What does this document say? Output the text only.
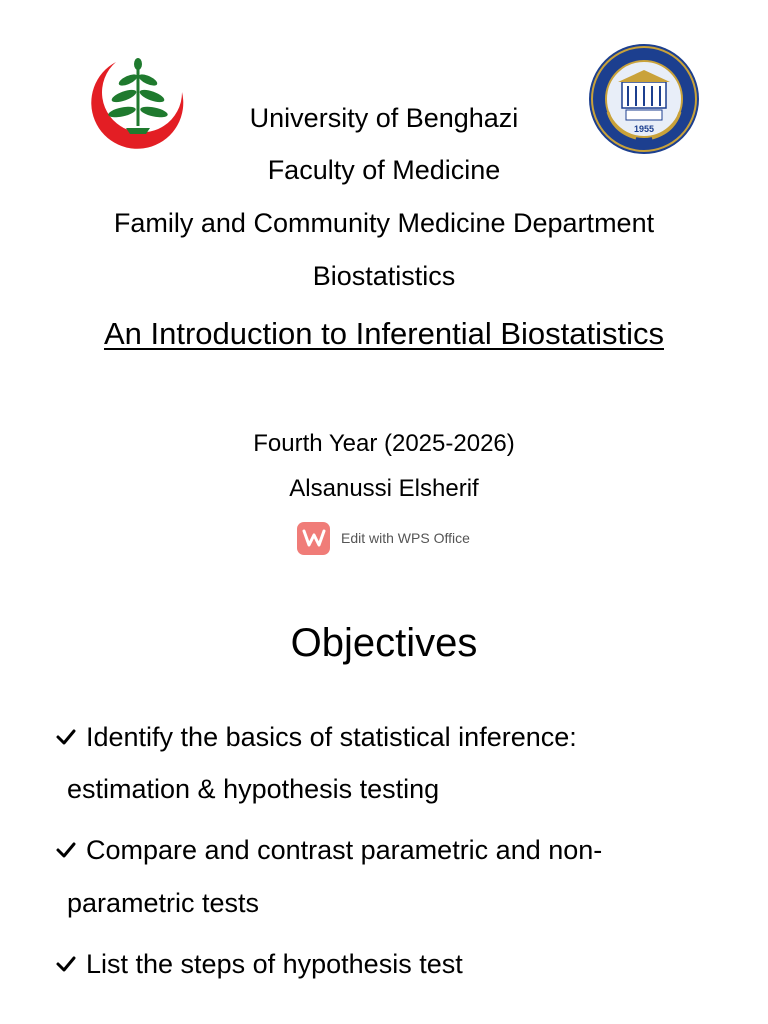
1955
University of Benghazi
Faculty of Medicine
Family and Community Medicine Department
Biostatistics
An Introduction to Inferential Biostatistics
Fourth Year (2025-2026)
Alsanussi Elsherif
Edit with WPS Office
Objectives
Identify the basics of statistical inference:
estimation & hypothesis testing
Compare and contrast parametric and non-
parametric tests
List the steps of hypothesis test
